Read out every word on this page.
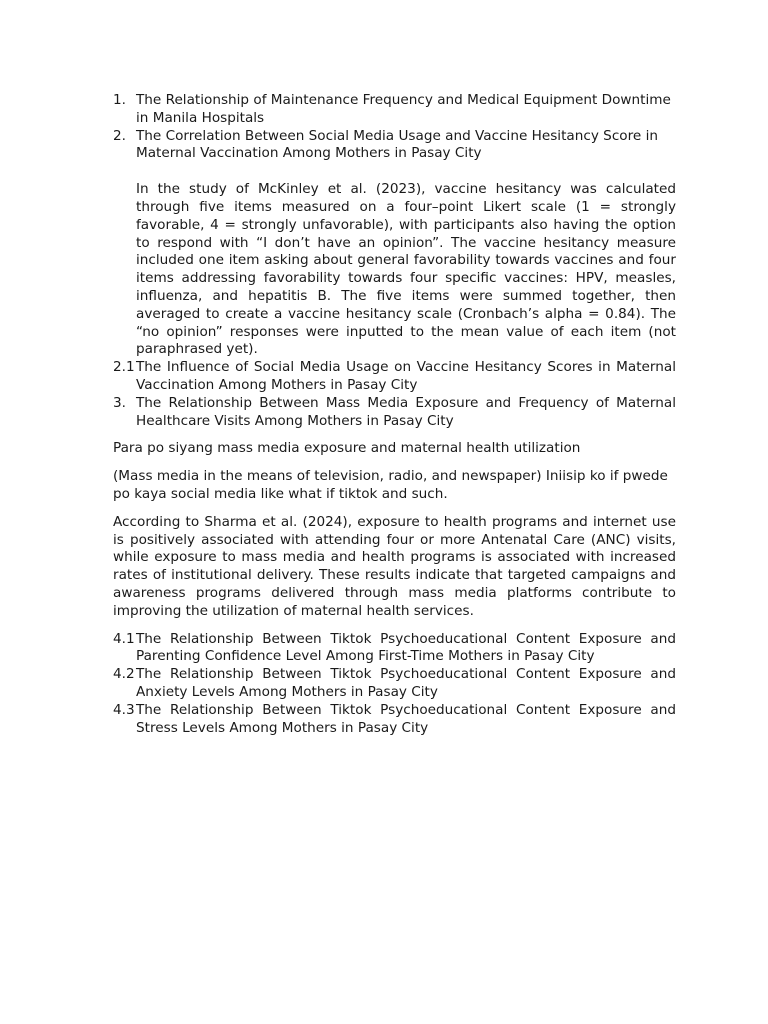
1. The Relationship of Maintenance Frequency and Medical Equipment Downtime in Manila Hospitals
2. The Correlation Between Social Media Usage and Vaccine Hesitancy Score in Maternal Vaccination Among Mothers in Pasay City

In the study of McKinley et al. (2023), vaccine hesitancy was calculated through five items measured on a four–point Likert scale (1 = strongly favorable, 4 = strongly unfavorable), with participants also having the option to respond with “I don’t have an opinion”. The vaccine hesitancy measure included one item asking about general favorability towards vaccines and four items addressing favorability towards four specific vaccines: HPV, measles, influenza, and hepatitis B. The five items were summed together, then averaged to create a vaccine hesitancy scale (Cronbach’s alpha = 0.84). The “no opinion” responses were inputted to the mean value of each item (not paraphrased yet).

2.1 The Influence of Social Media Usage on Vaccine Hesitancy Scores in Maternal Vaccination Among Mothers in Pasay City
3. The Relationship Between Mass Media Exposure and Frequency of Maternal Healthcare Visits Among Mothers in Pasay City

Para po siyang mass media exposure and maternal health utilization

(Mass media in the means of television, radio, and newspaper) Iniisip ko if pwede po kaya social media like what if tiktok and such.

According to Sharma et al. (2024), exposure to health programs and internet use is positively associated with attending four or more Antenatal Care (ANC) visits, while exposure to mass media and health programs is associated with increased rates of institutional delivery. These results indicate that targeted campaigns and awareness programs delivered through mass media platforms contribute to improving the utilization of maternal health services.

4.1 The Relationship Between Tiktok Psychoeducational Content Exposure and Parenting Confidence Level Among First-Time Mothers in Pasay City
4.2 The Relationship Between Tiktok Psychoeducational Content Exposure and Anxiety Levels Among Mothers in Pasay City
4.3 The Relationship Between Tiktok Psychoeducational Content Exposure and Stress Levels Among Mothers in Pasay City
